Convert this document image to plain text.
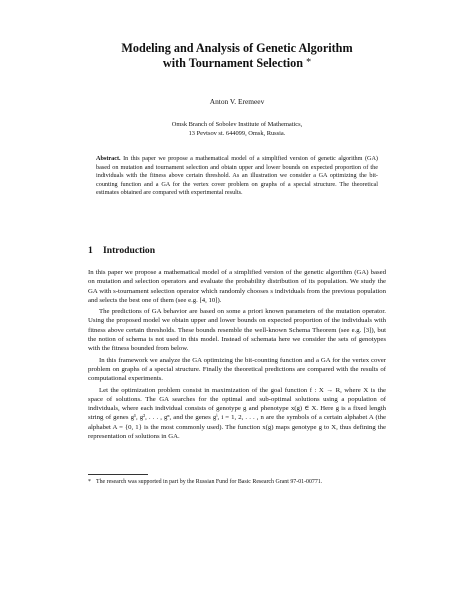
Modeling and Analysis of Genetic Algorithm
with Tournament Selection *
Anton V. Eremeev
Omsk Branch of Sobolev Institute of Mathematics,
13 Pevtsov st. 644099, Omsk, Russia.
Abstract. In this paper we propose a mathematical model of a simplified version of genetic algorithm (GA) based on mutation and tournament selection and obtain upper and lower bounds on expected proportion of the individuals with the fitness above certain threshold. As an illustration we consider a GA optimizing the bit-counting function and a GA for the vertex cover problem on graphs of a special structure. The theoretical estimates obtained are compared with experimental results.
1 Introduction

In this paper we propose a mathematical model of a simplified version of the genetic algorithm (GA) based on mutation and selection operators and evaluate the probability distribution of its population. We study the GA with s-tournament selection operator which randomly chooses s individuals from the previous population and selects the best one of them (see e.g. [4, 10]).

The predictions of GA behavior are based on some a priori known parameters of the mutation operator. Using the proposed model we obtain upper and lower bounds on expected proportion of the individuals with fitness above certain thresholds. These bounds resemble the well-known Schema Theorem (see e.g. [3]), but the notion of schema is not used in this model. Instead of schemata here we consider the sets of genotypes with the fitness bounded from below.

In this framework we analyze the GA optimizing the bit-counting function and a GA for the vertex cover problem on graphs of a special structure. Finally the theoretical predictions are compared with the results of computational experiments.

Let the optimization problem consist in maximization of the goal function f : X → R, where X is the space of solutions. The GA searches for the optimal and sub-optimal solutions using a population of individuals, where each individual consists of genotype g and phenotype x(g) ∈ X. Here g is a fixed length string of genes g¹, g², . . . , gⁿ, and the genes gⁱ, i = 1, 2, . . . , n are the symbols of a certain alphabet A (the alphabet A = {0, 1} is the most commonly used). The function x(g) maps genotype g to X, thus defining the representation of solutions in GA.

* The research was supported in part by the Russian Fund for Basic Research Grant 97-01-00771.
